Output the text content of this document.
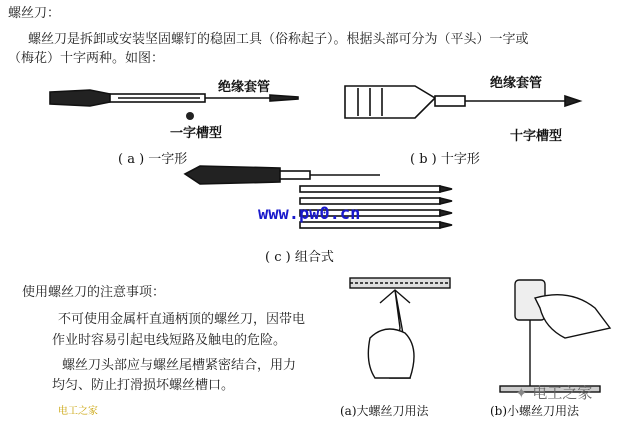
螺丝刀：
螺丝刀是拆卸或安装坚固螺钉的稳固工具（俗称起子）。根据头部可分为（平头）一字或
（梅花）十字两种。如图：
绝缘套管
一字槽型
( a ) 一字形
绝缘套管
十字槽型
( b ) 十字形
www.pw0.cn
( c ) 组合式
使用螺丝刀的注意事项：
不可使用金属杆直通柄顶的螺丝刀，因带电
作业时容易引起电线短路及触电的危险。
螺丝刀头部应与螺丝尾槽紧密结合，用力
均匀、防止打滑损坏螺丝槽口。
(a)大螺丝刀用法	(b)小螺丝刀用法
✦ 电工之家
电工之家
